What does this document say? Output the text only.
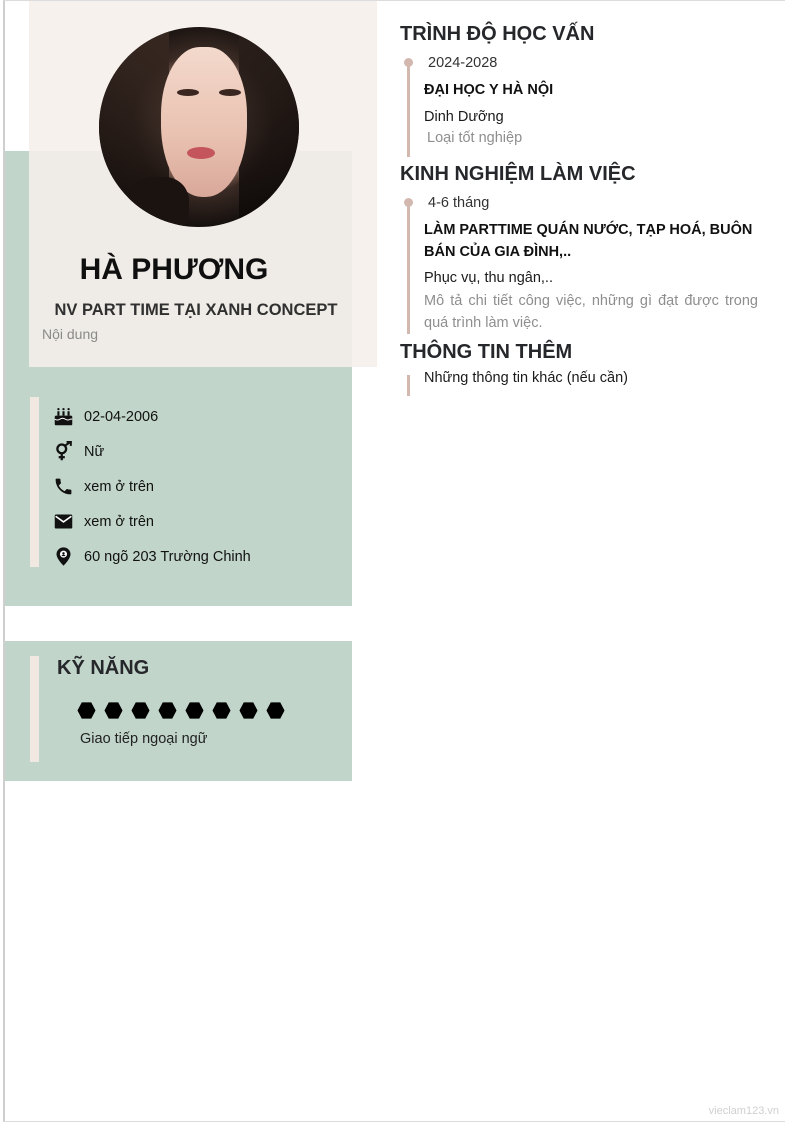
HÀ PHƯƠNG
NV PART TIME TẠI XANH CONCEPT
Nội dung
02-04-2006
Nữ
xem ở trên
xem ở trên
60 ngõ 203 Trường Chinh
KỸ NĂNG
Giao tiếp ngoại ngữ
TRÌNH ĐỘ HỌC VẤN
2024-2028
ĐẠI HỌC Y HÀ NỘI
Dinh Dưỡng
Loại tốt nghiệp
KINH NGHIỆM LÀM VIỆC
4-6 tháng
LÀM PARTTIME QUÁN NƯỚC, TẠP HOÁ, BUÔN BÁN CỦA GIA ĐÌNH,..
Phục vụ, thu ngân,..
Mô tả chi tiết công việc, những gì đạt được trong quá trình làm việc.
THÔNG TIN THÊM
Những thông tin khác (nếu cần)
vieclam123.vn
